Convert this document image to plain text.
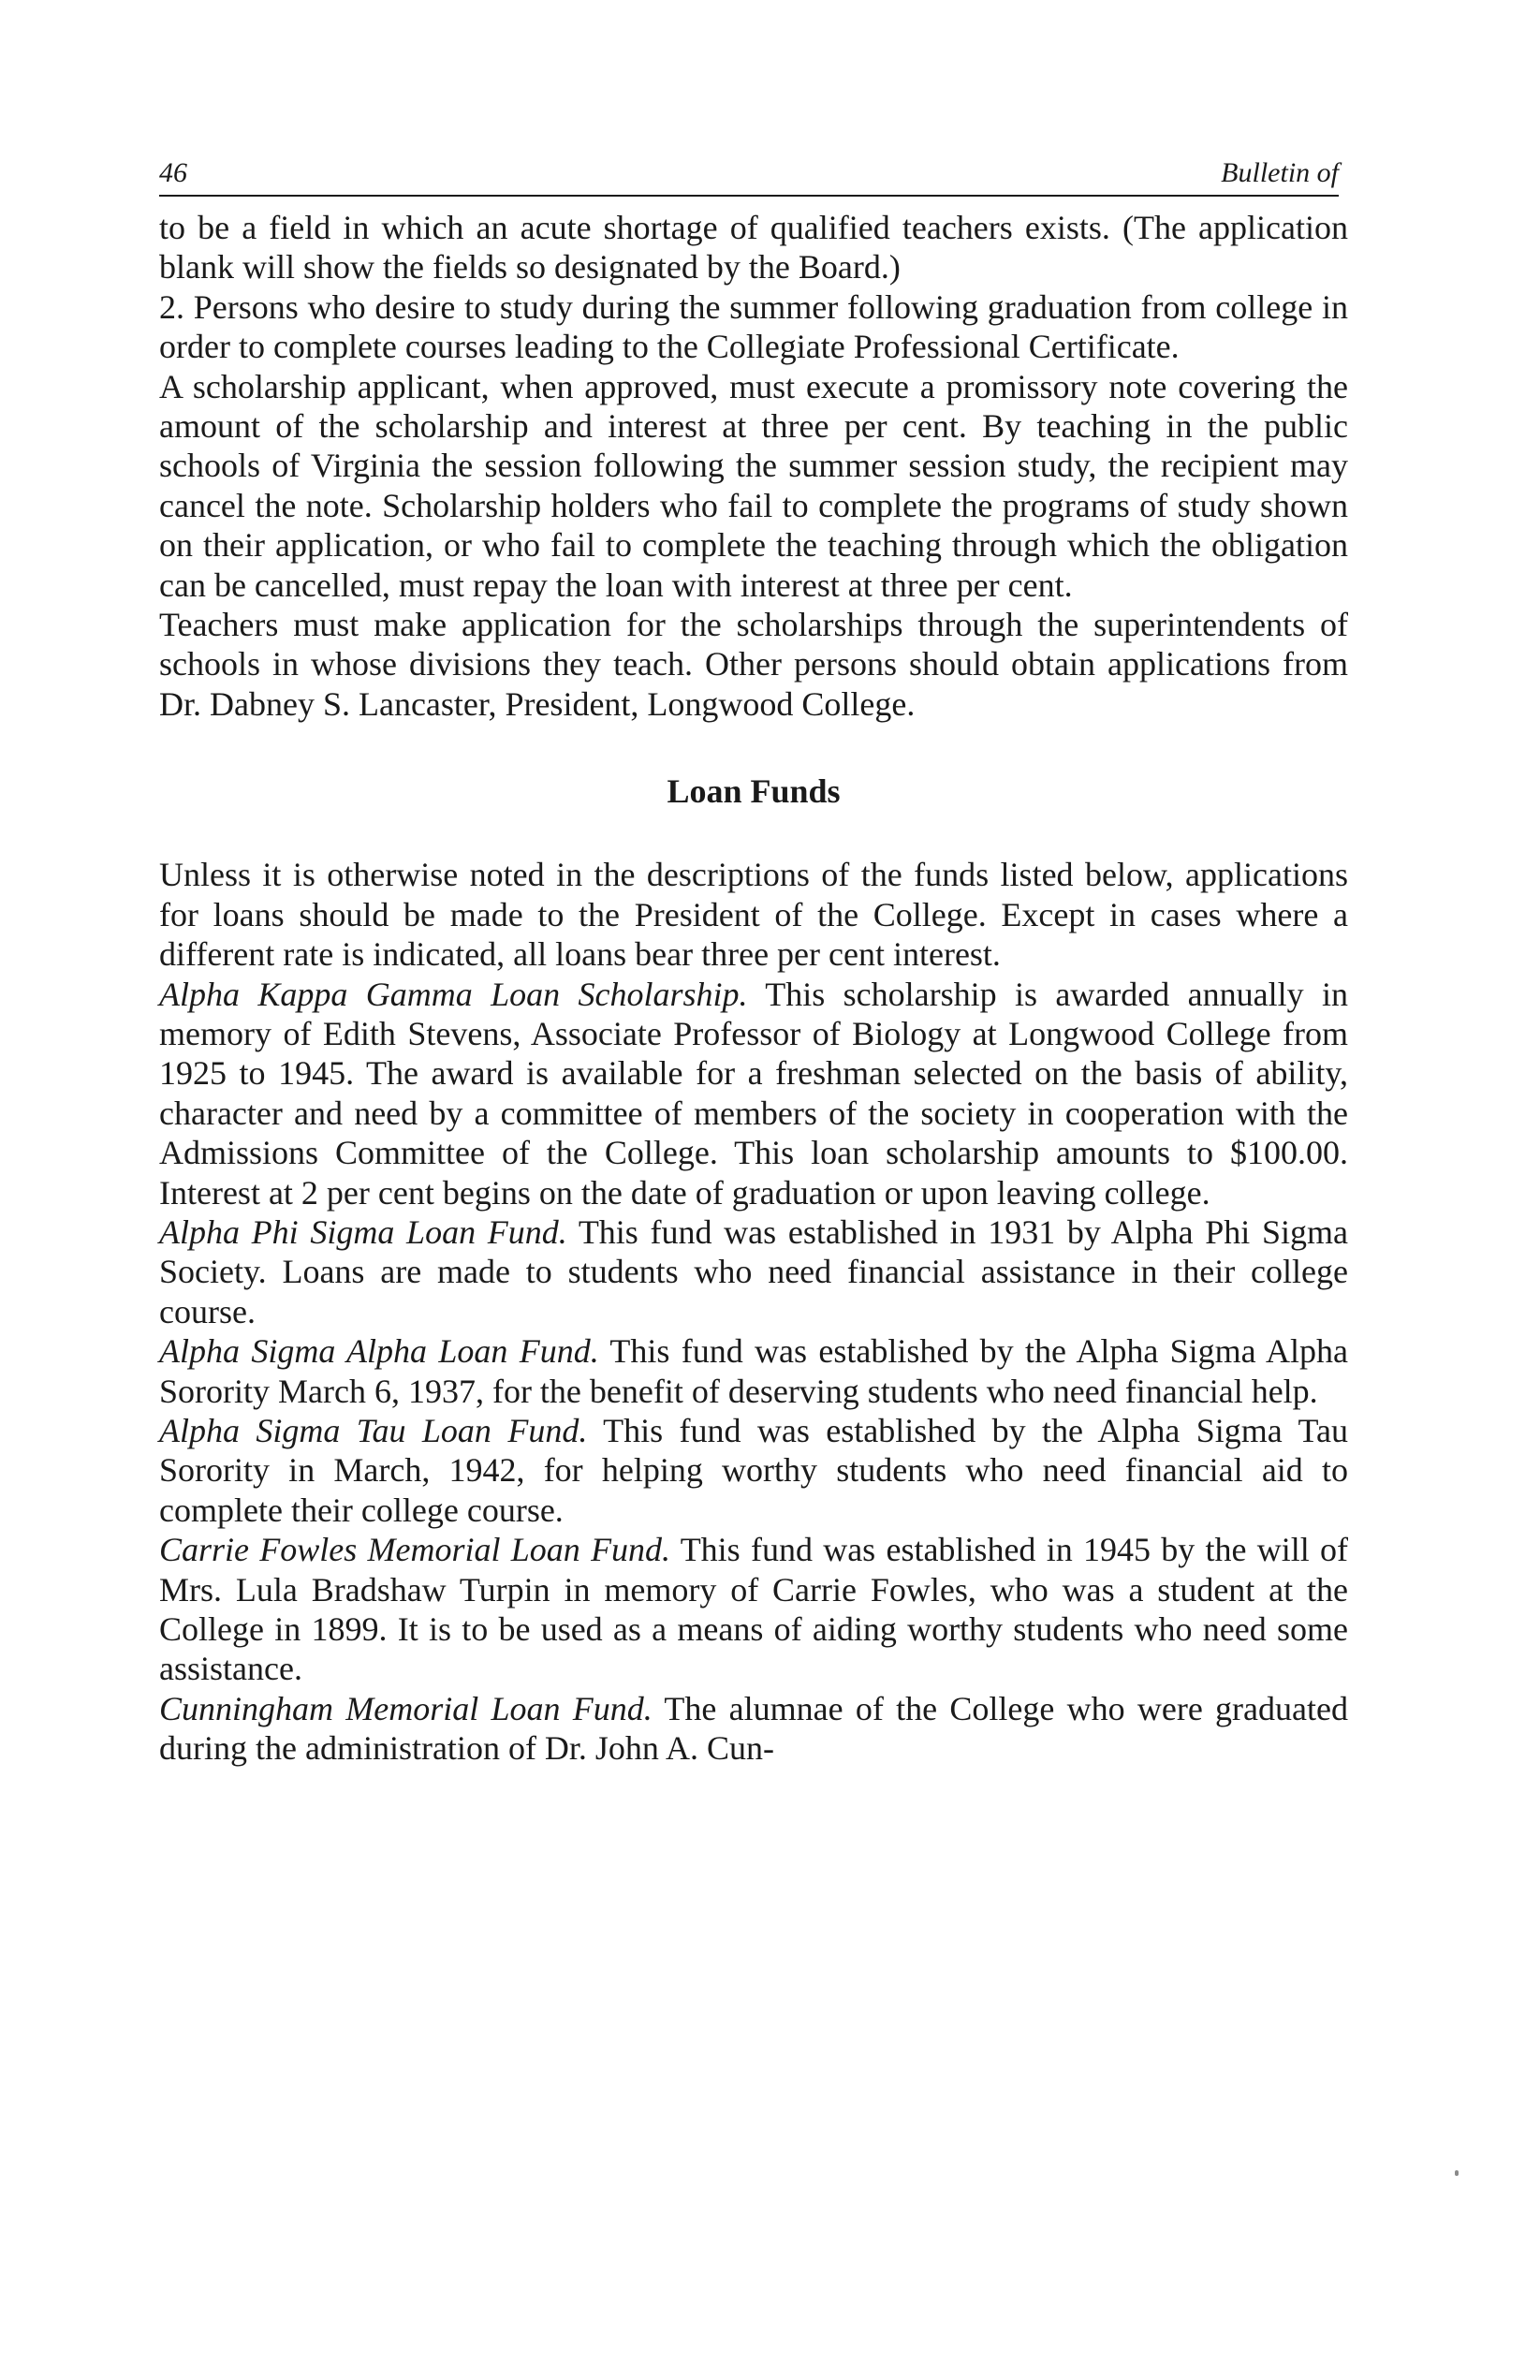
46	Bulletin of

to be a field in which an acute shortage of qualified teachers exists. (The application blank will show the fields so designated by the Board.)

2. Persons who desire to study during the summer following graduation from college in order to complete courses leading to the Collegiate Professional Certificate.

A scholarship applicant, when approved, must execute a promissory note covering the amount of the scholarship and interest at three per cent. By teaching in the public schools of Virginia the session following the summer session study, the recipient may cancel the note. Scholarship holders who fail to complete the programs of study shown on their application, or who fail to complete the teaching through which the obligation can be cancelled, must repay the loan with interest at three per cent.

Teachers must make application for the scholarships through the superintendents of schools in whose divisions they teach. Other persons should obtain applications from Dr. Dabney S. Lancaster, President, Longwood College.

Loan Funds

Unless it is otherwise noted in the descriptions of the funds listed below, applications for loans should be made to the President of the College. Except in cases where a different rate is indicated, all loans bear three per cent interest.

Alpha Kappa Gamma Loan Scholarship. This scholarship is awarded annually in memory of Edith Stevens, Associate Professor of Biology at Longwood College from 1925 to 1945. The award is available for a freshman selected on the basis of ability, character and need by a committee of members of the society in cooperation with the Admissions Committee of the College. This loan scholarship amounts to $100.00. Interest at 2 per cent begins on the date of graduation or upon leaving college.

Alpha Phi Sigma Loan Fund. This fund was established in 1931 by Alpha Phi Sigma Society. Loans are made to students who need financial assistance in their college course.

Alpha Sigma Alpha Loan Fund. This fund was established by the Alpha Sigma Alpha Sorority March 6, 1937, for the benefit of deserving students who need financial help.

Alpha Sigma Tau Loan Fund. This fund was established by the Alpha Sigma Tau Sorority in March, 1942, for helping worthy students who need financial aid to complete their college course.

Carrie Fowles Memorial Loan Fund. This fund was established in 1945 by the will of Mrs. Lula Bradshaw Turpin in memory of Carrie Fowles, who was a student at the College in 1899. It is to be used as a means of aiding worthy students who need some assistance.

Cunningham Memorial Loan Fund. The alumnae of the College who were graduated during the administration of Dr. John A. Cun-
